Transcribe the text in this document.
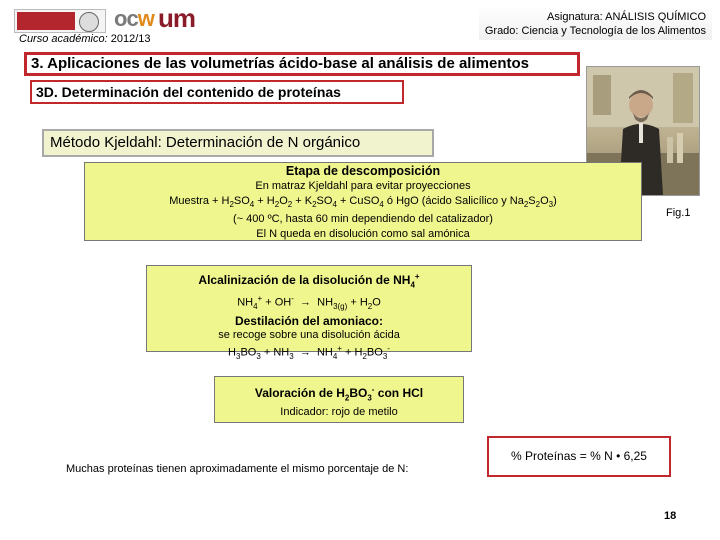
ocw um
Curso académico: 2012/13
Asignatura: ANÁLISIS QUÍMICO
Grado: Ciencia y Tecnología de los Alimentos
3. Aplicaciones de las volumetrías ácido-base al análisis de alimentos
3D. Determinación del contenido de proteínas
Fig.1
Método Kjeldahl: Determinación de N orgánico
Etapa de descomposición
En matraz Kjeldahl para evitar proyecciones
Muestra + $H_2SO_4 + H_2O_2 + K_2SO_4$ + CuSO$_4$ ó HgO (ácido Salicílico y $Na_2S_2O_3$)
(~ 400 ºC, hasta 60 min dependiendo del catalizador)
El N queda en disolución como sal amónica
Alcalinización de la disolución de $NH_4^+$
$NH_4^+ + OH^- \to NH_{3(g)} + H_2O$
Destilación del amoniaco:
se recoge sobre una disolución ácida
$H_3BO_3 + NH_3 \to NH_4^+ + H_2BO_3^-$
Valoración de $H_2BO_3^-$ con HCl
Indicador: rojo de metilo
Muchas proteínas tienen aproximadamente el mismo porcentaje de N:
% Proteínas = % N • 6,25
18
